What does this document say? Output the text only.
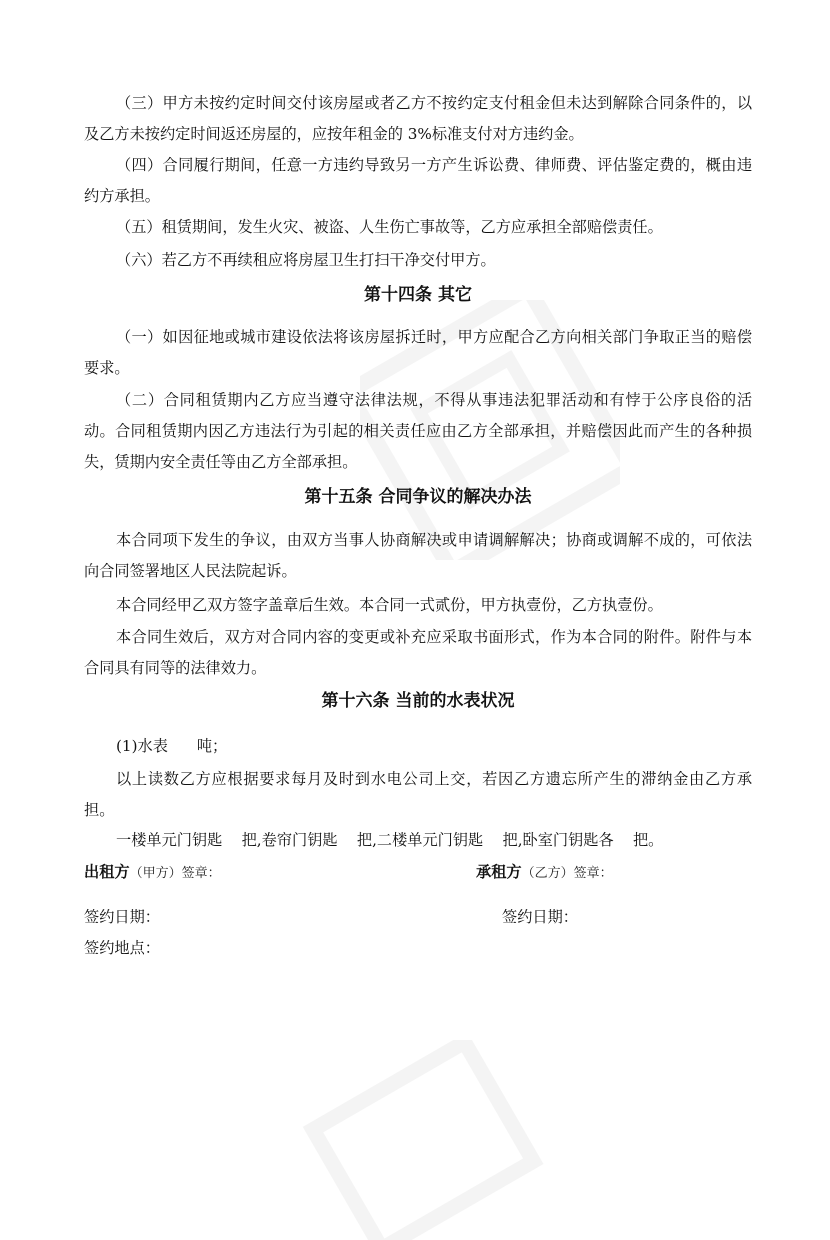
（三）甲方未按约定时间交付该房屋或者乙方不按约定支付租金但未达到解除合同条件的，以及乙方未按约定时间返还房屋的，应按年租金的 3%标准支付对方违约金。

（四）合同履行期间，任意一方违约导致另一方产生诉讼费、律师费、评估鉴定费的，概由违约方承担。

（五）租赁期间，发生火灾、被盗、人生伤亡事故等，乙方应承担全部赔偿责任。

（六）若乙方不再续租应将房屋卫生打扫干净交付甲方。

第十四条 其它

（一）如因征地或城市建设依法将该房屋拆迁时，甲方应配合乙方向相关部门争取正当的赔偿要求。

（二）合同租赁期内乙方应当遵守法律法规，不得从事违法犯罪活动和有悖于公序良俗的活动。合同租赁期内因乙方违法行为引起的相关责任应由乙方全部承担，并赔偿因此而产生的各种损失，赁期内安全责任等由乙方全部承担。

第十五条 合同争议的解决办法

本合同项下发生的争议，由双方当事人协商解决或申请调解解决；协商或调解不成的，可依法向合同签署地区人民法院起诉。

本合同经甲乙双方签字盖章后生效。本合同一式贰份，甲方执壹份，乙方执壹份。

本合同生效后，双方对合同内容的变更或补充应采取书面形式，作为本合同的附件。附件与本合同具有同等的法律效力。

第十六条 当前的水表状况

(1)水表      吨；

以上读数乙方应根据要求每月及时到水电公司上交，若因乙方遗忘所产生的滞纳金由乙方承担。

一楼单元门钥匙    把,卷帘门钥匙    把,二楼单元门钥匙    把,卧室门钥匙各    把。

出租方（甲方）签章：	承租方（乙方）签章：
签约日期：	签约日期：
签约地点：
